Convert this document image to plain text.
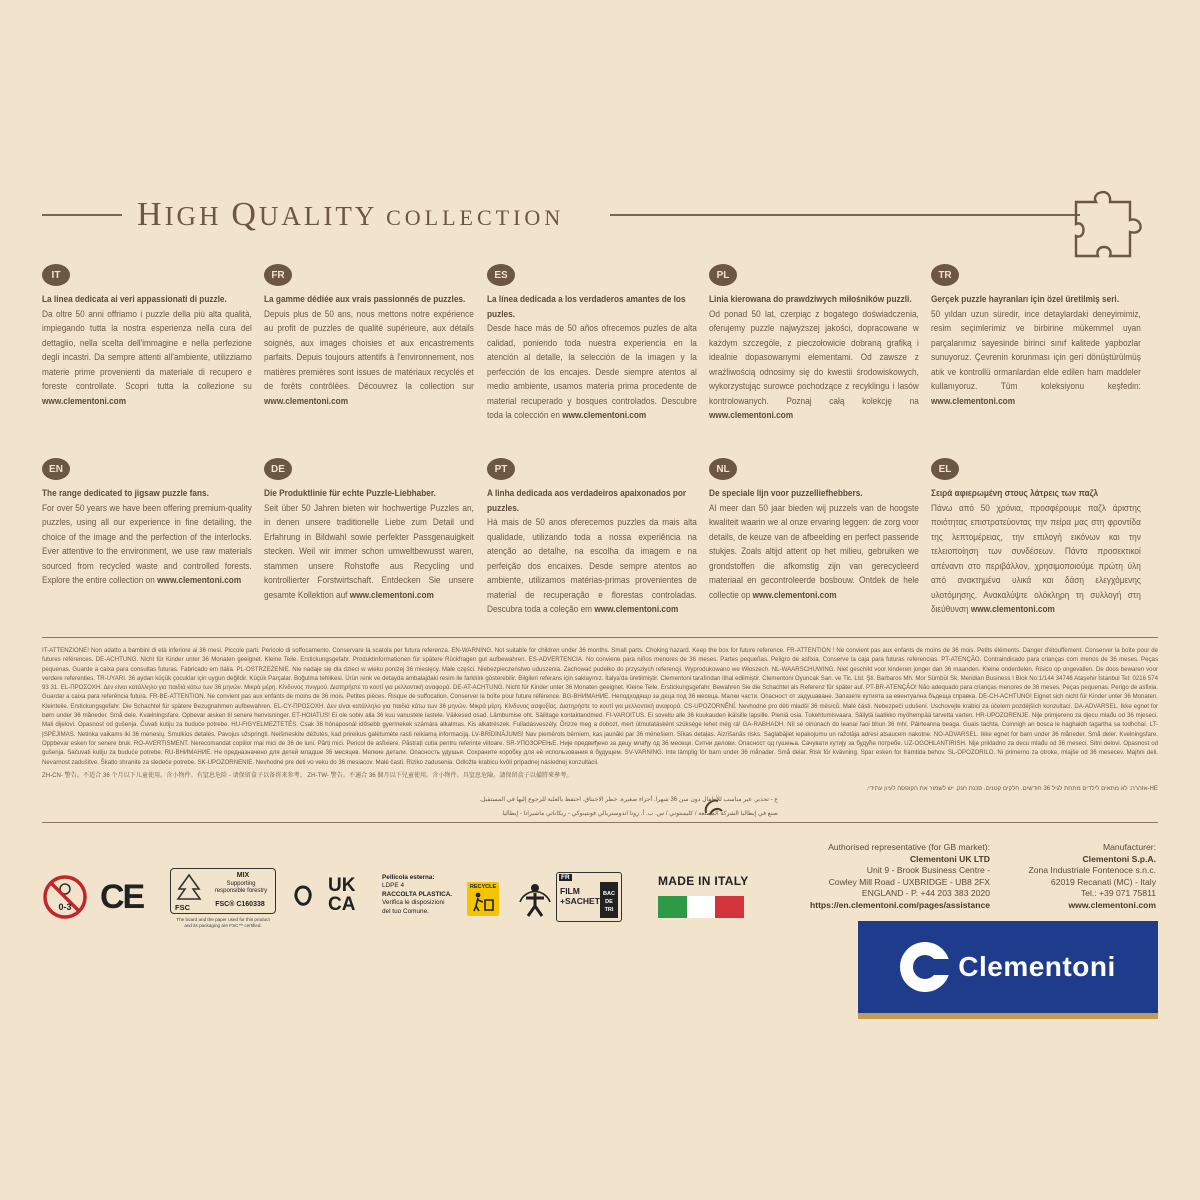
HIGH QUALITY COLLECTION
IT
La linea dedicata ai veri appassionati di puzzle.
Da oltre 50 anni offriamo i puzzle della più alta qualità, impiegando tutta la nostra esperienza nella cura del dettaglio, nella scelta dell'immagine e nella perfezione degli incastri. Da sempre attenti all'ambiente, utilizziamo materie prime provenienti da materiale di recupero e foreste controllate. Scopri tutta la collezione su www.clementoni.com
FR
La gamme dédiée aux vrais passionnés de puzzles.
Depuis plus de 50 ans, nous mettons notre expérience au profit de puzzles de qualité supérieure, aux détails soignés, aux images choisies et aux encastrements parfaits. Depuis toujours attentifs à l'environnement, nos matières premières sont issues de matériaux recyclés et de forêts contrôlées. Découvrez la collection sur www.clementoni.com
ES
La línea dedicada a los verdaderos amantes de los puzles.
Desde hace más de 50 años ofrecemos puzles de alta calidad, poniendo toda nuestra experiencia en la atención al detalle, la selección de la imagen y la perfección de los encajes. Desde siempre atentos al medio ambiente, usamos materia prima procedente de material recuperado y bosques controlados. Descubre toda la colección en www.clementoni.com
PL
Linia kierowana do prawdziwych miłośników puzzli.
Od ponad 50 lat, czerpiąc z bogatego doświadczenia, oferujemy puzzle najwyższej jakości, dopracowane w każdym szczególe, z pieczołowicie dobraną grafiką i idealnie dopasowanymi elementami. Od zawsze z wrażliwością odnosimy się do kwestii środowiskowych, wykorzystując surowce pochodzące z recyklingu i lasów kontrolowanych. Poznaj całą kolekcję na www.clementoni.com
TR
Gerçek puzzle hayranları için özel üretilmiş seri.
50 yıldan uzun süredir, ince detaylardaki deneyimimiz, resim seçimlerimiz ve birbirine mükemmel uyan parçalarımız sayesinde birinci sınıf kalitede yapbozlar sunuyoruz. Çevrenin korunması için geri dönüştürülmüş atık ve kontrollü ormanlardan elde edilen ham maddeler kullanıyoruz. Tüm koleksiyonu keşfedin: www.clementoni.com
EN
The range dedicated to jigsaw puzzle fans.
For over 50 years we have been offering premium-quality puzzles, using all our experience in fine detailing, the choice of the image and the perfection of the interlocks. Ever attentive to the environment, we use raw materials sourced from recycled waste and controlled forests. Explore the entire collection on www.clementoni.com
DE
Die Produktlinie für echte Puzzle-Liebhaber.
Seit über 50 Jahren bieten wir hochwertige Puzzles an, in denen unsere traditionelle Liebe zum Detail und Erfahrung in Bildwahl sowie perfekter Passgenauigkeit stecken. Weil wir immer schon umweltbewusst waren, stammen unsere Rohstoffe aus Recycling und kontrollierter Forstwirtschaft. Entdecken Sie unsere gesamte Kollektion auf www.clementoni.com
PT
A linha dedicada aos verdadeiros apaixonados por puzzles.
Há mais de 50 anos oferecemos puzzles da mais alta qualidade, utilizando toda a nossa experiência na atenção ao detalhe, na escolha da imagem e na perfeição dos encaixes. Desde sempre atentos ao ambiente, utilizamos matérias-primas provenientes de material de recuperação e florestas controladas. Descubra toda a coleção em www.clementoni.com
NL
De speciale lijn voor puzzelliefhebbers.
Al meer dan 50 jaar bieden wij puzzels van de hoogste kwaliteit waarin we al onze ervaring leggen: de zorg voor details, de keuze van de afbeelding en perfect passende stukjes. Zoals altijd attent op het milieu, gebruiken we grondstoffen die afkomstig zijn van gerecycleerd materiaal en gecontroleerde bosbouw. Ontdek de hele collectie op www.clementoni.com
EL
Σειρά αφιερωμένη στους λάτρεις των παζλ
Πάνω από 50 χρόνια, προσφέρουμε παζλ άριστης ποιότητας επιστρατεύοντας την πείρα μας στη φροντίδα της λεπτομέρειας, την επιλογή εικόνων και την τελειοποίηση των συνδέσεων. Πάντα προσεκτικοί απέναντι στο περιβάλλον, χρησιμοποιούμε πρώτη ύλη από ανακτημένα υλικά και δάση ελεγχόμενης υλοτόμησης. Ανακαλύψτε ολόκληρη τη συλλογή στη διεύθυνση www.clementoni.com

IT-ATTENZIONE! Non adatto a bambini di età inferiore ai 36 mesi. Piccole parti. Pericolo di soffocamento. Conservare la scatola per futura referenza. EN-WARNING. Not suitable for children under 36 months. Small parts. Choking hazard. Keep the box for future reference. FR-ATTENTION ! Ne convient pas aux enfants de moins de 36 mois. Petits éléments. Danger d'étouffement. Conserver la boîte pour de futures références. DE-ACHTUNG. Nicht für Kinder unter 36 Monaten geeignet. Kleine Teile. Erstickungsgefahr. Produktinformationen für spätere Rückfragen gut aufbewahren. ES-ADVERTENCIA. No conviene para niños menores de 36 meses. Partes pequeñas. Peligro de asfixia. Conserve la caja para futuras referencias. PT-ATENÇÃO. Contraindicado para crianças com menos de 36 meses. Peças pequenas. Guarde a caixa para consultas futuras. Fabricado em Itália. PL-OSTRZEŻENIE. Nie nadaje się dla dzieci w wieku poniżej 36 miesięcy. Małe części. Niebezpieczeństwo uduszenia. Zachować pudełko do przyszłych referencji. Wyprodukowano we Włoszech. NL-WAARSCHUWING. Niet geschikt voor kinderen jonger dan 36 maanden. Kleine onderdelen. Risico op ongevallen. De doos bewaren voor verdere referenties. TR-UYARI. 36 aydan küçük çocuklar için uygun değildir. Küçük Parçalar. Boğulma tehlikesi. Ürün renk ve detayda ambalajdaki resim ile farklılık gösterebilir. Bilgileri referans için saklayınız. İtalya'da üretilmiştir. Clementoni tarafından ithal edilmiştir. Clementoni Oyuncak San. ve Tic. Ltd. Şti. Barbaros Mh. Mor Sümbül Sk. Meridian Business I Blok No:1/144 34746 Ataşehir İstanbul Tel: 0216 574 93 31. EL-ΠΡΟΣΟΧΗ. Δεν είναι κατάλληλο για παιδιά κάτω των 36 μηνών. Μικρά μέρη. Κίνδυνος πνιγμού. Διατηρήστε το κουτί για μελλοντική αναφορά. DE-AT-ACHTUNG. Nicht für Kinder unter 36 Monaten geeignet. Kleine Teile. Erstickungsgefahr. Bewahren Sie die Schachtel als Referenz für später auf. PT-BR-ATENÇÃO! Não adequado para crianças menores de 36 meses. Peças pequenas. Perigo de asfixia. Guardar a caixa para referência futura. FR-BE-ATTENTION. Ne convient pas aux enfants de moins de 36 mois. Petites pièces. Risque de suffocation. Conserver la boîte pour future référence. BG-ВНИМАНИЕ. Неподходящо за деца под 36 месеца. Малки части. Опасност от задушаване. Запазете кутията за евентуална бъдеща справка. DE-CH-ACHTUNG! Eignet sich nicht für Kinder unter 36 Monaten. Kleinteile. Erstickungsgefahr. Die Schachtel für spätere Bezugnahmen aufbewahren. EL-CY-ΠΡΟΣΟΧΗ. Δεν είναι κατάλληλο για παιδιά κάτω των 36 μηνών. Μικρά μέρη. Κίνδυνος ασφυξίας. Διατηρήστε το κουτί για μελλοντική αναφορά. CS-UPOZORNĚNÍ. Nevhodné pro děti mladší 36 měsíců. Malé části. Nebezpečí udušení. Uschovejte krabici za účelem pozdějších konzultací. DA-ADVARSEL. Ikke egnet for børn under 36 måneder. Små dele. Kvælningsfare. Opbevar æsken til senere henvisninger. ET-HOIATUS! Ei ole sobiv alla 36 kuu vanustele lastele. Väikesed osad. Lämbumise oht. Säilitage kontaktandmed. FI-VAROITUS. Ei sovellu alle 36 kuukauden ikäisille lapsille. Pieniä osia. Tukehtumisvaara. Säilytä laatikko myöhempää tarvetta varten. HR-UPOZORENJE. Nije primjereno za djecu mlađu od 36 mjeseci. Mali dijelovi. Opasnost od gušenja. Čuvati kutiju za buduće potrebe. HU-FIGYELMEZTETÉS. Csak 36 hónaposnál idősebb gyermekek számára alkalmas. Kis alkatrészek. Fulladásveszély. Őrizze meg a dobozt, mert útmutatásként szüksége lehet még rá! GA-RABHADH. Níl sé oiriúnach do leanaí faoi bhun 36 mhí. Páirteanna beaga. Guais tachta. Coinnigh an bosca le haghaidh tagartha sa todhchaí. LT-ĮSPĖJIMAS. Netinka vaikams iki 36 mėnesių. Smulkios detalės. Pavojus užspringti. Neišmeskite dėžutės, kad prireikus galėtumėte rasti reikiamą informaciją. LV-BRĪDINĀJUMS! Nav piemērots bērniem, kas jaunāki par 36 mēnešiem. Sīkas detaļas. Aizrīšanās risks. Saglabājiet iepakojumu un ražotāja adresi atsaucem nakotne. NO-ADVARSEL. Ikke egnet for barn under 36 måneder. Små deler. Kvelningsfare. Oppbevar esken for senere bruk. RO-AVERTISMENT. Nerecomandat copiilor mai mici de 36 de luni. Părți mici. Pericol de asfixiere. Păstrați cutia pentru referințe viitoare. SR-УПОЗОРЕЊЕ. Није предвиђено за децу млађу од 36 месеци. Ситни делови. Опасност од гушења. Сачувати кутију за будуће потребе. UZ-OGOHLANTIRISH. Nije prikladno za decu mlađu od 36 meseci. Sitni delovi. Opasnost od gušenja. Sačuvati kutiju za buduće potrebe. RU-ВНИМАНИЕ. Не предназначено для детей младше 36 месяцев. Мелкие детали. Опасность удушья. Сохраните коробку для её использования в будущем. SV-VARNING. Inte lämplig för barn under 36 månader. Små delar. Risk för kvävning. Spar esken for framtida behov. SL-OPOZORILO. Ni primerno za otroke, mlajše od 36 mesecev. Majhni deli. Nevarnost zadušitve. Škatlo shranite za sledeče potrebe. SK-UPOZORNENIE. Nevhodné pre deti vo veku do 36 mesiacov. Malé časti. Riziko zadusenia. Odložte krabicu kvôli prípadnej následnej konzultácii.

ZH-CN- 警告。不适合 36 个月以下儿童使用。含小物件。有窒息危险 - 请保留盒子以备将来参考。 ZH-TW- 警告。不適合 36 個月以下兒童使用。含小物件。具窒息危險。請保留盒子以備將來參考。

HE-אזהרה: לא מתאים לילדים מתחת לגיל 36 חודשים. חלקים קטנים. סכנת חנק. יש לשמור את הקופסה לעיון עתידי.

ع - تحذير. غير مناسب للأطفال دون سن 36 شهرا. أجزاء صغيرة. خطر الاختناق. احتفظ بالعلبة للرجوع إليها في المستقبل.

صنع في إيطاليا الشركة المصنعة / كليمنتوني / س. ب. أ. زونا اندوستريالي فونتينوكي - ريكاناتي ماشيراتا - إيطاليا

Authorised representative (for GB market):
Clementoni UK LTD
Unit 9 - Brook Business Centre -
Cowley Mill Road - UXBRIDGE - UB8 2FX
ENGLAND - P. +44 203 383 2020
https://en.clementoni.com/pages/assistance
Manufacturer:
Clementoni S.p.A.
Zona Industriale Fontenoce s.n.c.
62019 Recanati (MC) - Italy
Tel.: +39 071 75811
www.clementoni.com
0-3 CE	FSC
MIX
Supporting
responsible forestry
FSC® C160338
The board and the paper used for this product
and its packaging are FSC™ certified.
UK
CA
Pellicola esterna:
LDPE 4
RACCOLTA PLASTICA.
Verifica le disposizioni
del tuo Comune.
RECYCLE
FR
FILM
+SACHET
BAC
DE
TRI
MADE IN ITALY
Clementoni
